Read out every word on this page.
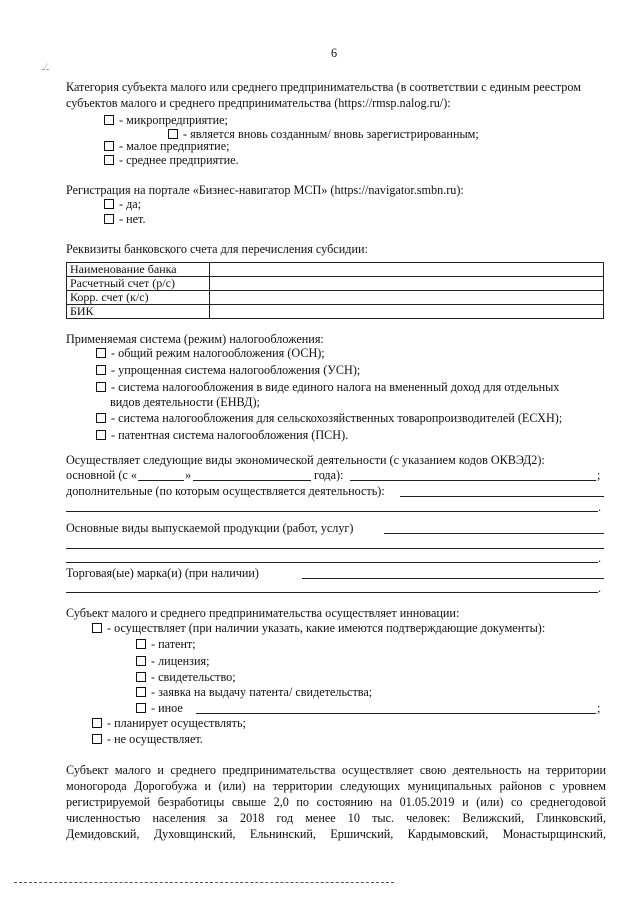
6
ـ⁄ـ
Категория субъекта малого или среднего предпринимательства (в соответствии с единым реестром
субъектов малого и среднего предпринимательства (https://rmsp.nalog.ru/):
- микропредприятие;
- является вновь созданным/ вновь зарегистрированным;
- малое предприятие;
- среднее предприятие.
Регистрация на портале «Бизнес-навигатор МСП» (https://navigator.smbn.ru):
- да;
- нет.
Реквизиты банковского счета для перечисления субсидии:
Наименование банка	
Расчетный счет (р/с)	
Корр. счет (к/с)	
БИК	
Применяемая система (режим) налогообложения:
- общий режим налогообложения (ОСН);
- упрощенная система налогообложения (УСН);
- система налогообложения в виде единого налога на вмененный доход для отдельных
видов деятельности (ЕНВД);
- система налогообложения для сельскохозяйственных товаропроизводителей (ЕСХН);
- патентная система налогообложения (ПСН).
Осуществляет следующие виды экономической деятельности (с указанием кодов ОКВЭД2):
основной (с «	»	года):	;
дополнительные (по которым осуществляется деятельность):
.
Основные виды выпускаемой продукции (работ, услуг)
.
Торговая(ые) марка(и) (при наличии)
.
Субъект малого и среднего предпринимательства осуществляет инновации:
- осуществляет (при наличии указать, какие имеются подтверждающие документы):
- патент;
- лицензия;
- свидетельство;
- заявка на выдачу патента/ свидетельства;
- иное	;
- планирует осуществлять;
- не осуществляет.
Субъект малого и среднего предпринимательства осуществляет свою деятельность на территории
моногорода Дорогобужа и (или) на территории следующих муниципальных районов с уровнем
регистрируемой безработицы свыше 2,0 по состоянию на 01.05.2019 и (или) со среднегодовой
численностью населения за 2018 год менее 10 тыс. человек: Велижский, Глинковский,
Демидовский, Духовщинский, Ельнинский, Ершичский, Кардымовский, Монастырщинский,
